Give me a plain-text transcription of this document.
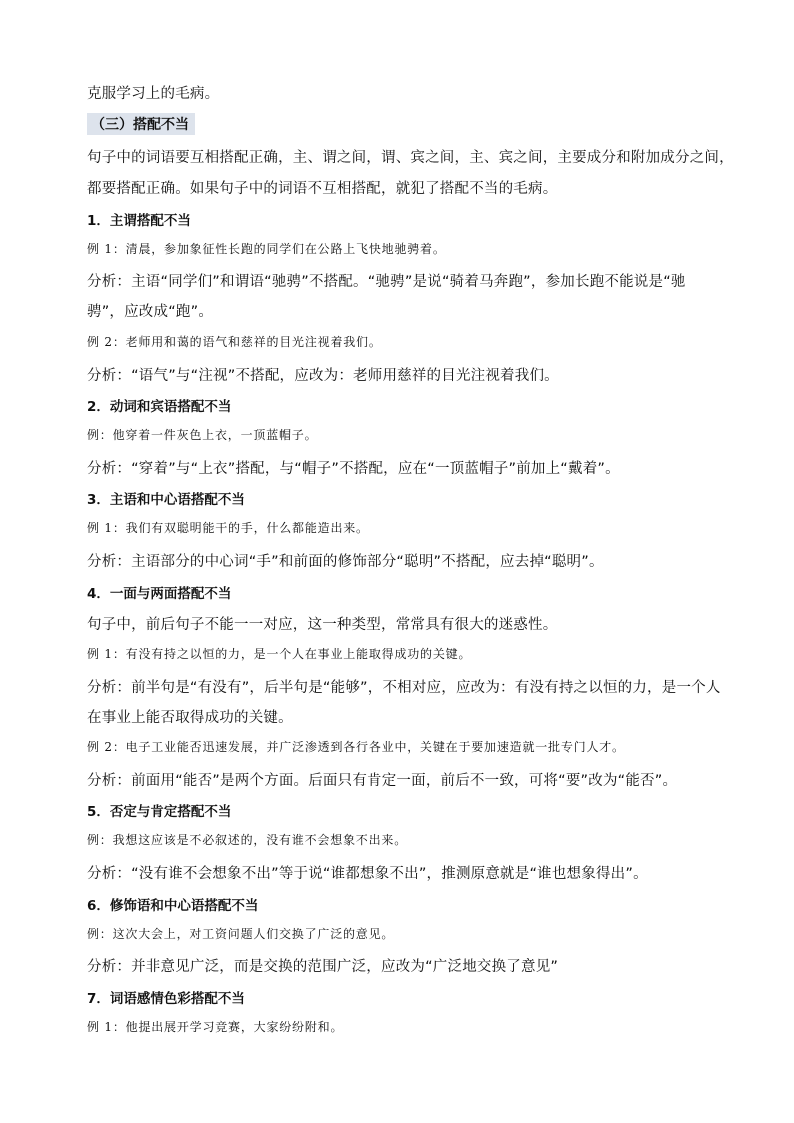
克服学习上的毛病。
（三）搭配不当
句子中的词语要互相搭配正确，主、谓之间，谓、宾之间，主、宾之间，主要成分和附加成分之间，
都要搭配正确。如果句子中的词语不互相搭配，就犯了搭配不当的毛病。
1．主谓搭配不当
例 1：清晨，参加象征性长跑的同学们在公路上飞快地驰骋着。
分析：主语“同学们”和谓语“驰骋”不搭配。“驰骋”是说“骑着马奔跑”，参加长跑不能说是“驰
骋”，应改成“跑”。
例 2：老师用和蔼的语气和慈祥的目光注视着我们。
分析：“语气”与“注视”不搭配，应改为：老师用慈祥的目光注视着我们。
2．动词和宾语搭配不当
例：他穿着一件灰色上衣，一顶蓝帽子。
分析：“穿着”与“上衣”搭配，与“帽子”不搭配，应在“一顶蓝帽子”前加上“戴着”。
3．主语和中心语搭配不当
例 1：我们有双聪明能干的手，什么都能造出来。
分析：主语部分的中心词“手”和前面的修饰部分“聪明”不搭配，应去掉“聪明”。
4．一面与两面搭配不当
句子中，前后句子不能一一对应，这一种类型，常常具有很大的迷惑性。
例 1：有没有持之以恒的力，是一个人在事业上能取得成功的关键。
分析：前半句是“有没有”，后半句是“能够”，不相对应，应改为：有没有持之以恒的力，是一个人
在事业上能否取得成功的关键。
例 2：电子工业能否迅速发展，并广泛渗透到各行各业中，关键在于要加速造就一批专门人才。
分析：前面用“能否”是两个方面。后面只有肯定一面，前后不一致，可将“要”改为“能否”。
5．否定与肯定搭配不当
例：我想这应该是不必叙述的，没有谁不会想象不出来。
分析：“没有谁不会想象不出”等于说“谁都想象不出”，推测原意就是“谁也想象得出”。
6．修饰语和中心语搭配不当
例：这次大会上，对工资问题人们交换了广泛的意见。
分析：并非意见广泛，而是交换的范围广泛，应改为“广泛地交换了意见”
7．词语感情色彩搭配不当
例 1：他提出展开学习竞赛，大家纷纷附和。
